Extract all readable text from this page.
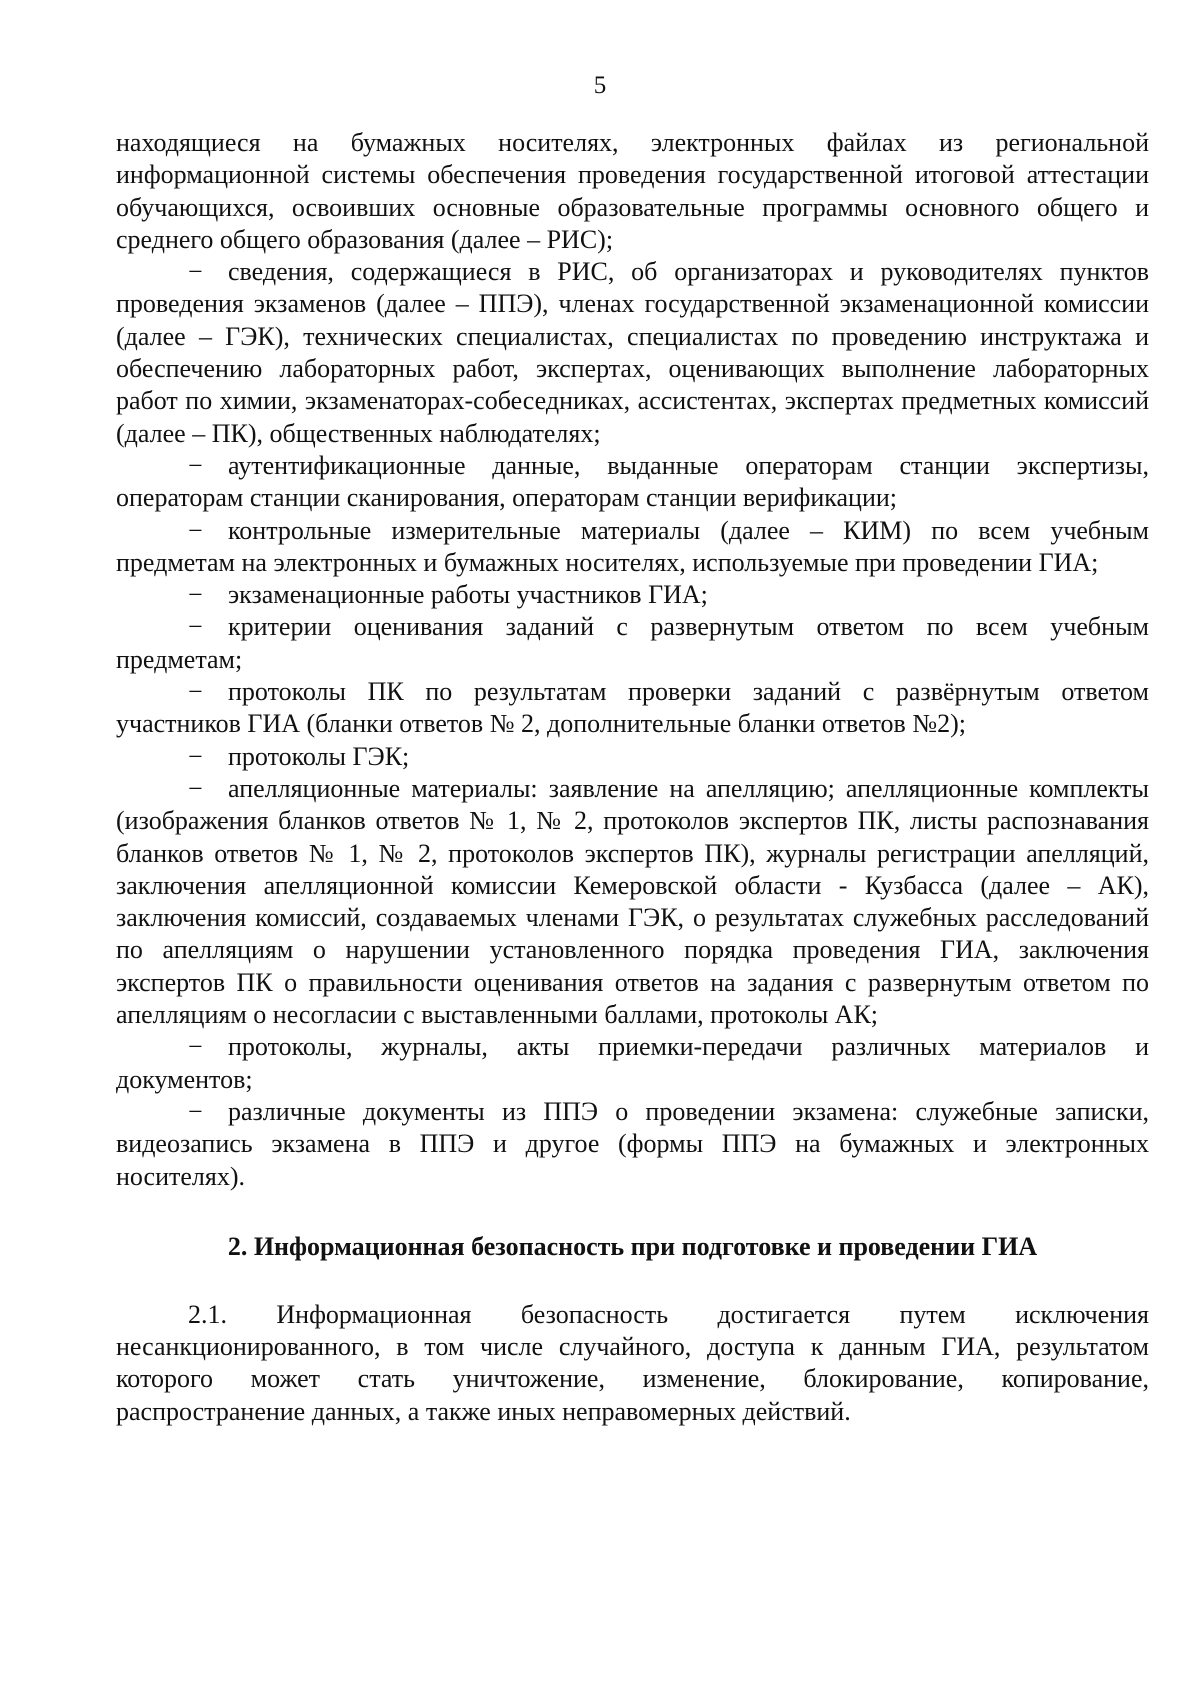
5

находящиеся на бумажных носителях, электронных файлах из региональной информационной системы обеспечения проведения государственной итоговой аттестации обучающихся, освоивших основные образовательные программы основного общего и среднего общего образования (далее – РИС);

− сведения, содержащиеся в РИС, об организаторах и руководителях пунктов проведения экзаменов (далее – ППЭ), членах государственной экзаменационной комиссии (далее – ГЭК), технических специалистах, специалистах по проведению инструктажа и обеспечению лабораторных работ, экспертах, оценивающих выполнение лабораторных работ по химии, экзаменаторах-собеседниках, ассистентах, экспертах предметных комиссий (далее – ПК), общественных наблюдателях;

− аутентификационные данные, выданные операторам станции экспертизы, операторам станции сканирования, операторам станции верификации;

− контрольные измерительные материалы (далее – КИМ) по всем учебным предметам на электронных и бумажных носителях, используемые при проведении ГИА;

− экзаменационные работы участников ГИА;

− критерии оценивания заданий с развернутым ответом по всем учебным предметам;

− протоколы ПК по результатам проверки заданий с развёрнутым ответом участников ГИА (бланки ответов № 2, дополнительные бланки ответов №2);

− протоколы ГЭК;

− апелляционные материалы: заявление на апелляцию; апелляционные комплекты (изображения бланков ответов № 1, № 2, протоколов экспертов ПК, листы распознавания бланков ответов № 1, № 2, протоколов экспертов ПК), журналы регистрации апелляций, заключения апелляционной комиссии Кемеровской области - Кузбасса (далее – АК), заключения комиссий, создаваемых членами ГЭК, о результатах служебных расследований по апелляциям о нарушении установленного порядка проведения ГИА, заключения экспертов ПК о правильности оценивания ответов на задания с развернутым ответом по апелляциям о несогласии с выставленными баллами, протоколы АК;

− протоколы, журналы, акты приемки-передачи различных материалов и документов;

− различные документы из ППЭ о проведении экзамена: служебные записки, видеозапись экзамена в ППЭ и другое (формы ППЭ на бумажных и электронных носителях).

2. Информационная безопасность при подготовке и проведении ГИА

2.1. Информационная безопасность достигается путем исключения несанкционированного, в том числе случайного, доступа к данным ГИА, результатом которого может стать уничтожение, изменение, блокирование, копирование, распространение данных, а также иных неправомерных действий.
